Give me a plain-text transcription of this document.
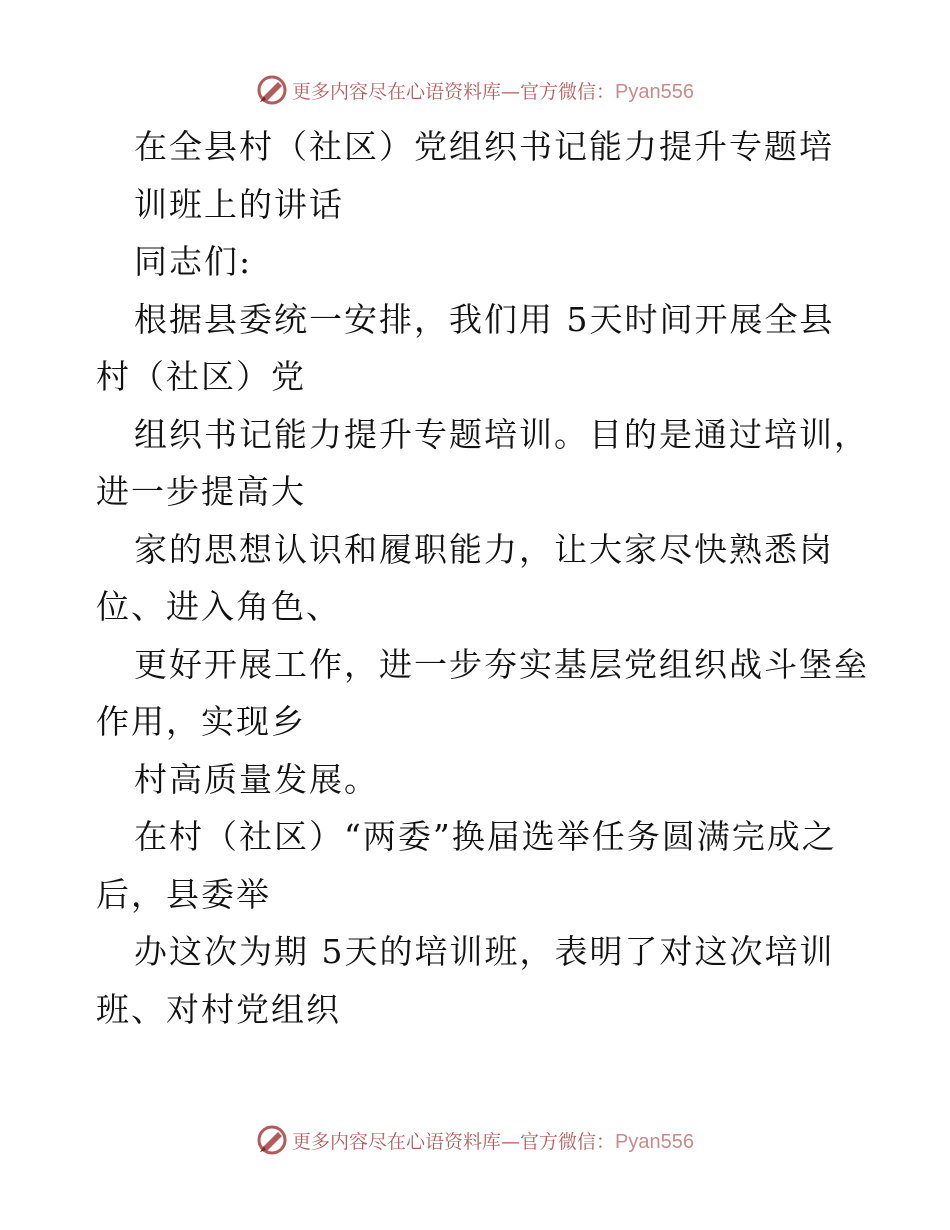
更多内容尽在心语资料库—官方微信：Pyan556
在全县村（社区）党组织书记能力提升专题培
训班上的讲话
同志们:
根据县委统一安排，我们用 5天时间开展全县
村（社区）党
组织书记能力提升专题培训。目的是通过培训，
进一步提高大
家的思想认识和履职能力，让大家尽快熟悉岗
位、进入角色、
更好开展工作，进一步夯实基层党组织战斗堡垒
作用，实现乡
村高质量发展。
在村（社区）“两委”换届选举任务圆满完成之
后，县委举
办这次为期 5天的培训班，表明了对这次培训
班、对村党组织
更多内容尽在心语资料库—官方微信：Pyan556
